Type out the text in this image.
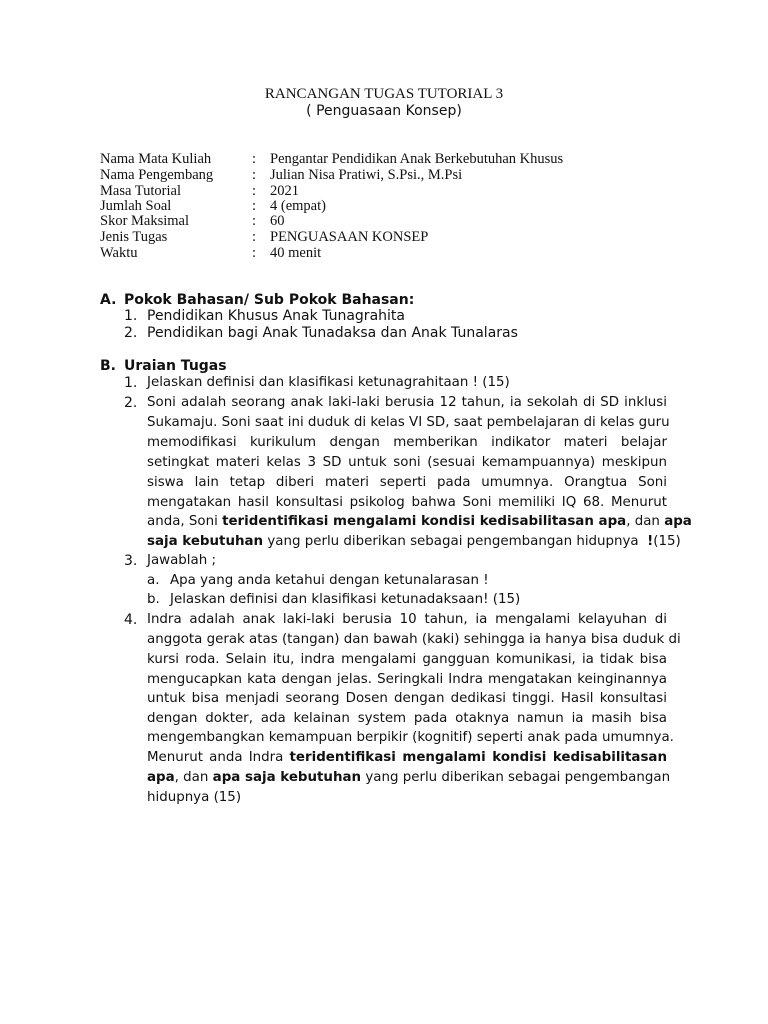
RANCANGAN TUGAS TUTORIAL 3
( Penguasaan Konsep)
Nama Mata Kuliah	: Pengantar Pendidikan Anak Berkebutuhan Khusus
Nama Pengembang	: Julian Nisa Pratiwi, S.Psi., M.Psi
Masa Tutorial	: 2021
Jumlah Soal	: 4 (empat)
Skor Maksimal	: 60
Jenis Tugas	: PENGUASAAN KONSEP
Waktu	: 40 menit
A. Pokok Bahasan/ Sub Pokok Bahasan:
1. Pendidikan Khusus Anak Tunagrahita
2. Pendidikan bagi Anak Tunadaksa dan Anak Tunalaras
B. Uraian Tugas
1. Jelaskan definisi dan klasifikasi ketunagrahitaan ! (15)
2. Soni adalah seorang anak laki-laki berusia 12 tahun, ia sekolah di SD inklusi
Sukamaju. Soni saat ini duduk di kelas VI SD, saat pembelajaran di kelas guru
memodifikasi kurikulum dengan memberikan indikator materi belajar
setingkat materi kelas 3 SD untuk soni (sesuai kemampuannya) meskipun
siswa lain tetap diberi materi seperti pada umumnya. Orangtua Soni
mengatakan hasil konsultasi psikolog bahwa Soni memiliki IQ 68. Menurut
anda, Soni teridentifikasi mengalami kondisi kedisabilitasan apa, dan apa
saja kebutuhan yang perlu diberikan sebagai pengembangan hidupnya !(15)
3. Jawablah ;
a. Apa yang anda ketahui dengan ketunalarasan !
b. Jelaskan definisi dan klasifikasi ketunadaksaan! (15)
4. Indra adalah anak laki-laki berusia 10 tahun, ia mengalami kelayuhan di
anggota gerak atas (tangan) dan bawah (kaki) sehingga ia hanya bisa duduk di
kursi roda. Selain itu, indra mengalami gangguan komunikasi, ia tidak bisa
mengucapkan kata dengan jelas. Seringkali Indra mengatakan keinginannya
untuk bisa menjadi seorang Dosen dengan dedikasi tinggi. Hasil konsultasi
dengan dokter, ada kelainan system pada otaknya namun ia masih bisa
mengembangkan kemampuan berpikir (kognitif) seperti anak pada umumnya.
Menurut anda Indra teridentifikasi mengalami kondisi kedisabilitasan
apa, dan apa saja kebutuhan yang perlu diberikan sebagai pengembangan
hidupnya (15)
